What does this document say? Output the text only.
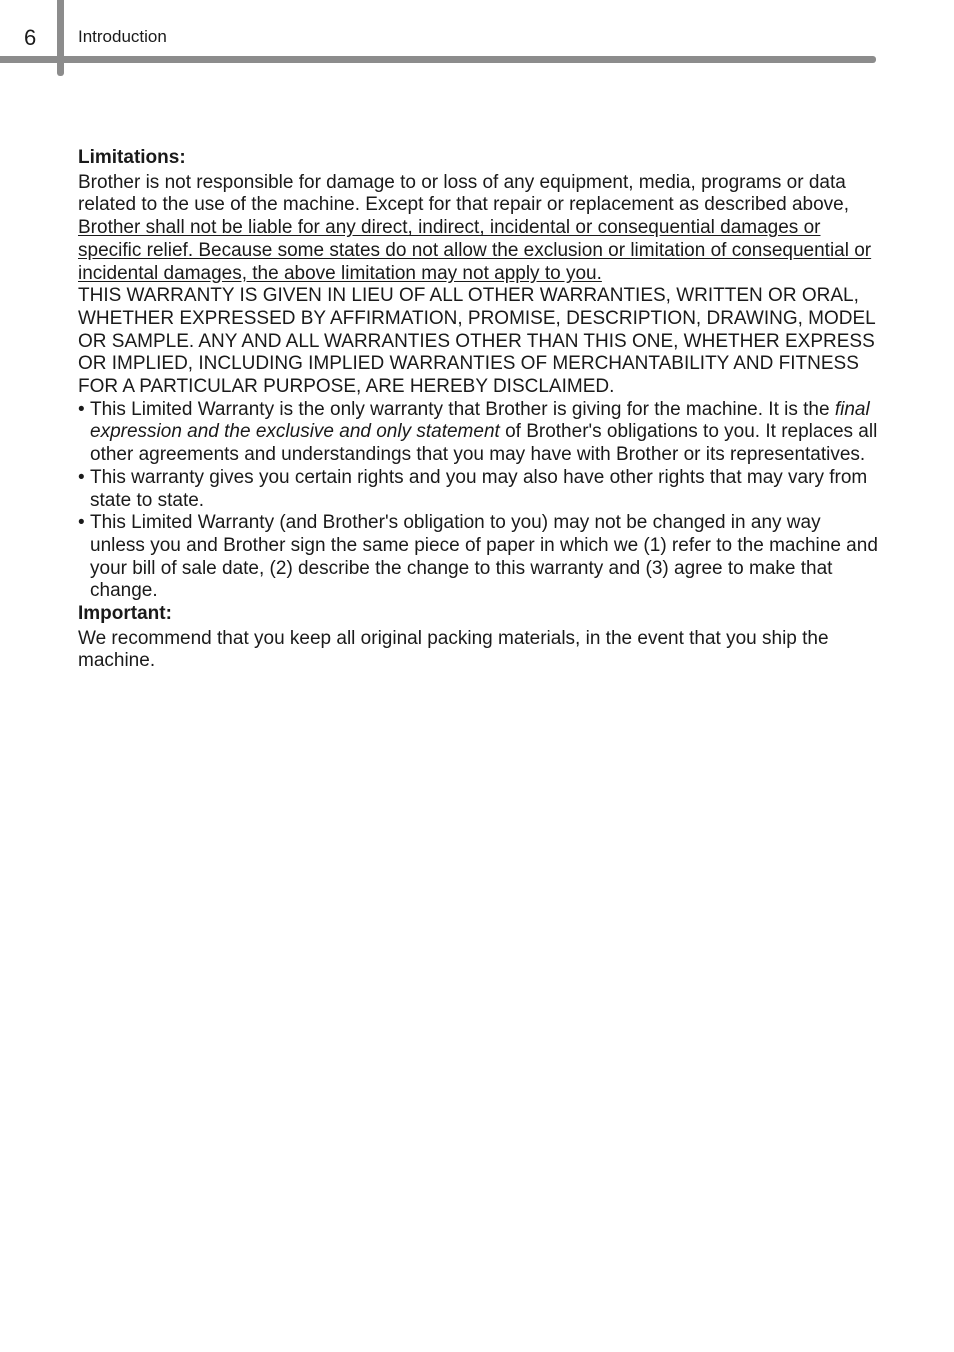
6 Introduction
Limitations:

Brother is not responsible for damage to or loss of any equipment, media, programs or data related to the use of the machine. Except for that repair or replacement as described above, Brother shall not be liable for any direct, indirect, incidental or consequential damages or specific relief. Because some states do not allow the exclusion or limitation of consequential or incidental damages, the above limitation may not apply to you.

THIS WARRANTY IS GIVEN IN LIEU OF ALL OTHER WARRANTIES, WRITTEN OR ORAL, WHETHER EXPRESSED BY AFFIRMATION, PROMISE, DESCRIPTION, DRAWING, MODEL OR SAMPLE. ANY AND ALL WARRANTIES OTHER THAN THIS ONE, WHETHER EXPRESS OR IMPLIED, INCLUDING IMPLIED WARRANTIES OF MERCHANTABILITY AND FITNESS FOR A PARTICULAR PURPOSE, ARE HEREBY DISCLAIMED.

• This Limited Warranty is the only warranty that Brother is giving for the machine. It is the final expression and the exclusive and only statement of Brother's obligations to you. It replaces all other agreements and understandings that you may have with Brother or its representatives.
• This warranty gives you certain rights and you may also have other rights that may vary from state to state.
• This Limited Warranty (and Brother's obligation to you) may not be changed in any way unless you and Brother sign the same piece of paper in which we (1) refer to the machine and your bill of sale date, (2) describe the change to this warranty and (3) agree to make that change.
Important:

We recommend that you keep all original packing materials, in the event that you ship the machine.
